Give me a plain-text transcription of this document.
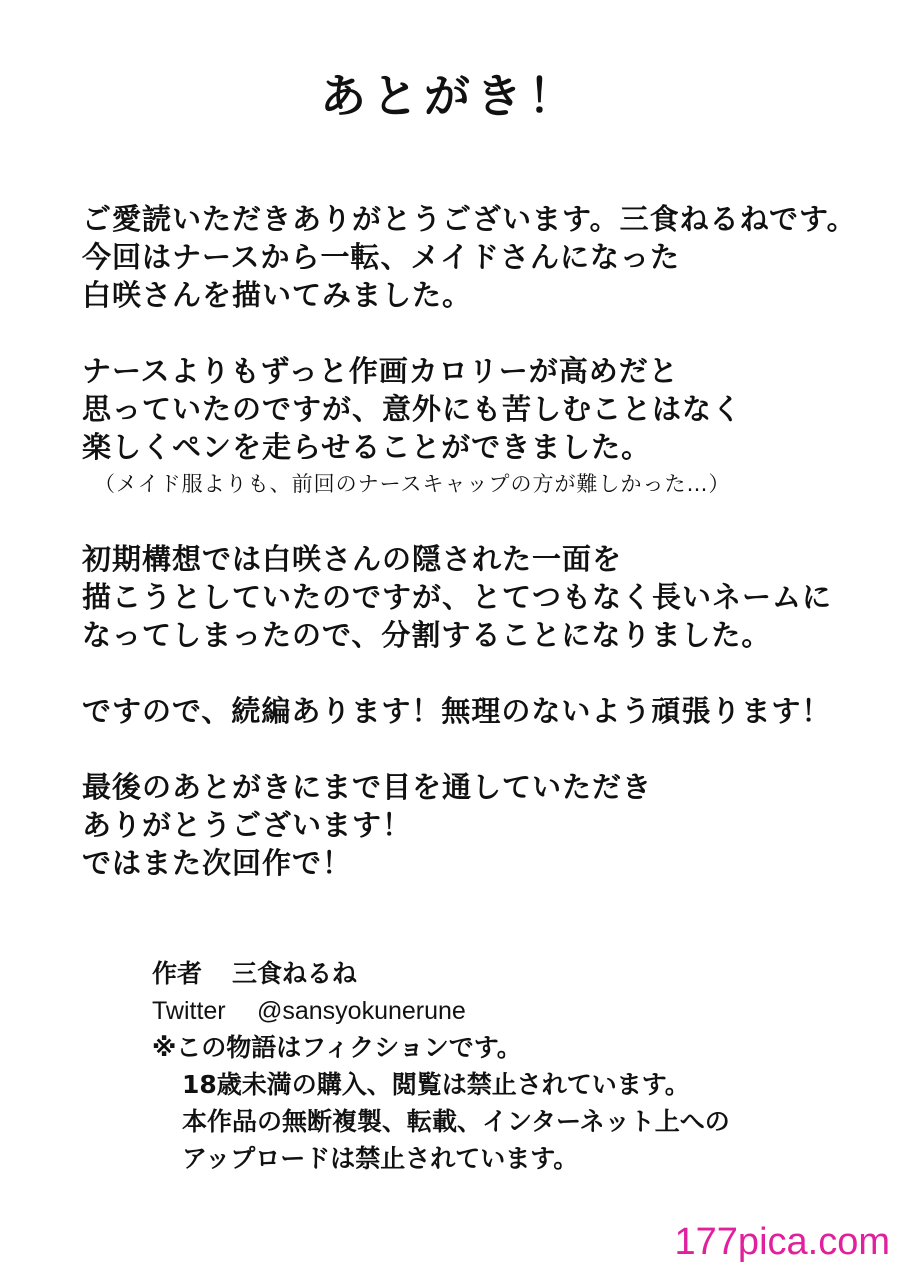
あとがき！
ご愛読いただきありがとうございます。三食ねるねです。
今回はナースから一転、メイドさんになった
白咲さんを描いてみました。
ナースよりもずっと作画カロリーが高めだと
思っていたのですが、意外にも苦しむことはなく
楽しくペンを走らせることができました。
（メイド服よりも、前回のナースキャップの方が難しかった…）
初期構想では白咲さんの隠された一面を
描こうとしていたのですが、とてつもなく長いネームに
なってしまったので、分割することになりました。
ですので、続編あります！無理のないよう頑張ります！
最後のあとがきにまで目を通していただき
ありがとうございます！
ではまた次回作で！
作者 三食ねるね
Twitter @sansyokunerune
※この物語はフィクションです。
18歳未満の購入、閲覧は禁止されています。
本作品の無断複製、転載、インターネット上への
アップロードは禁止されています。
177pica.com
